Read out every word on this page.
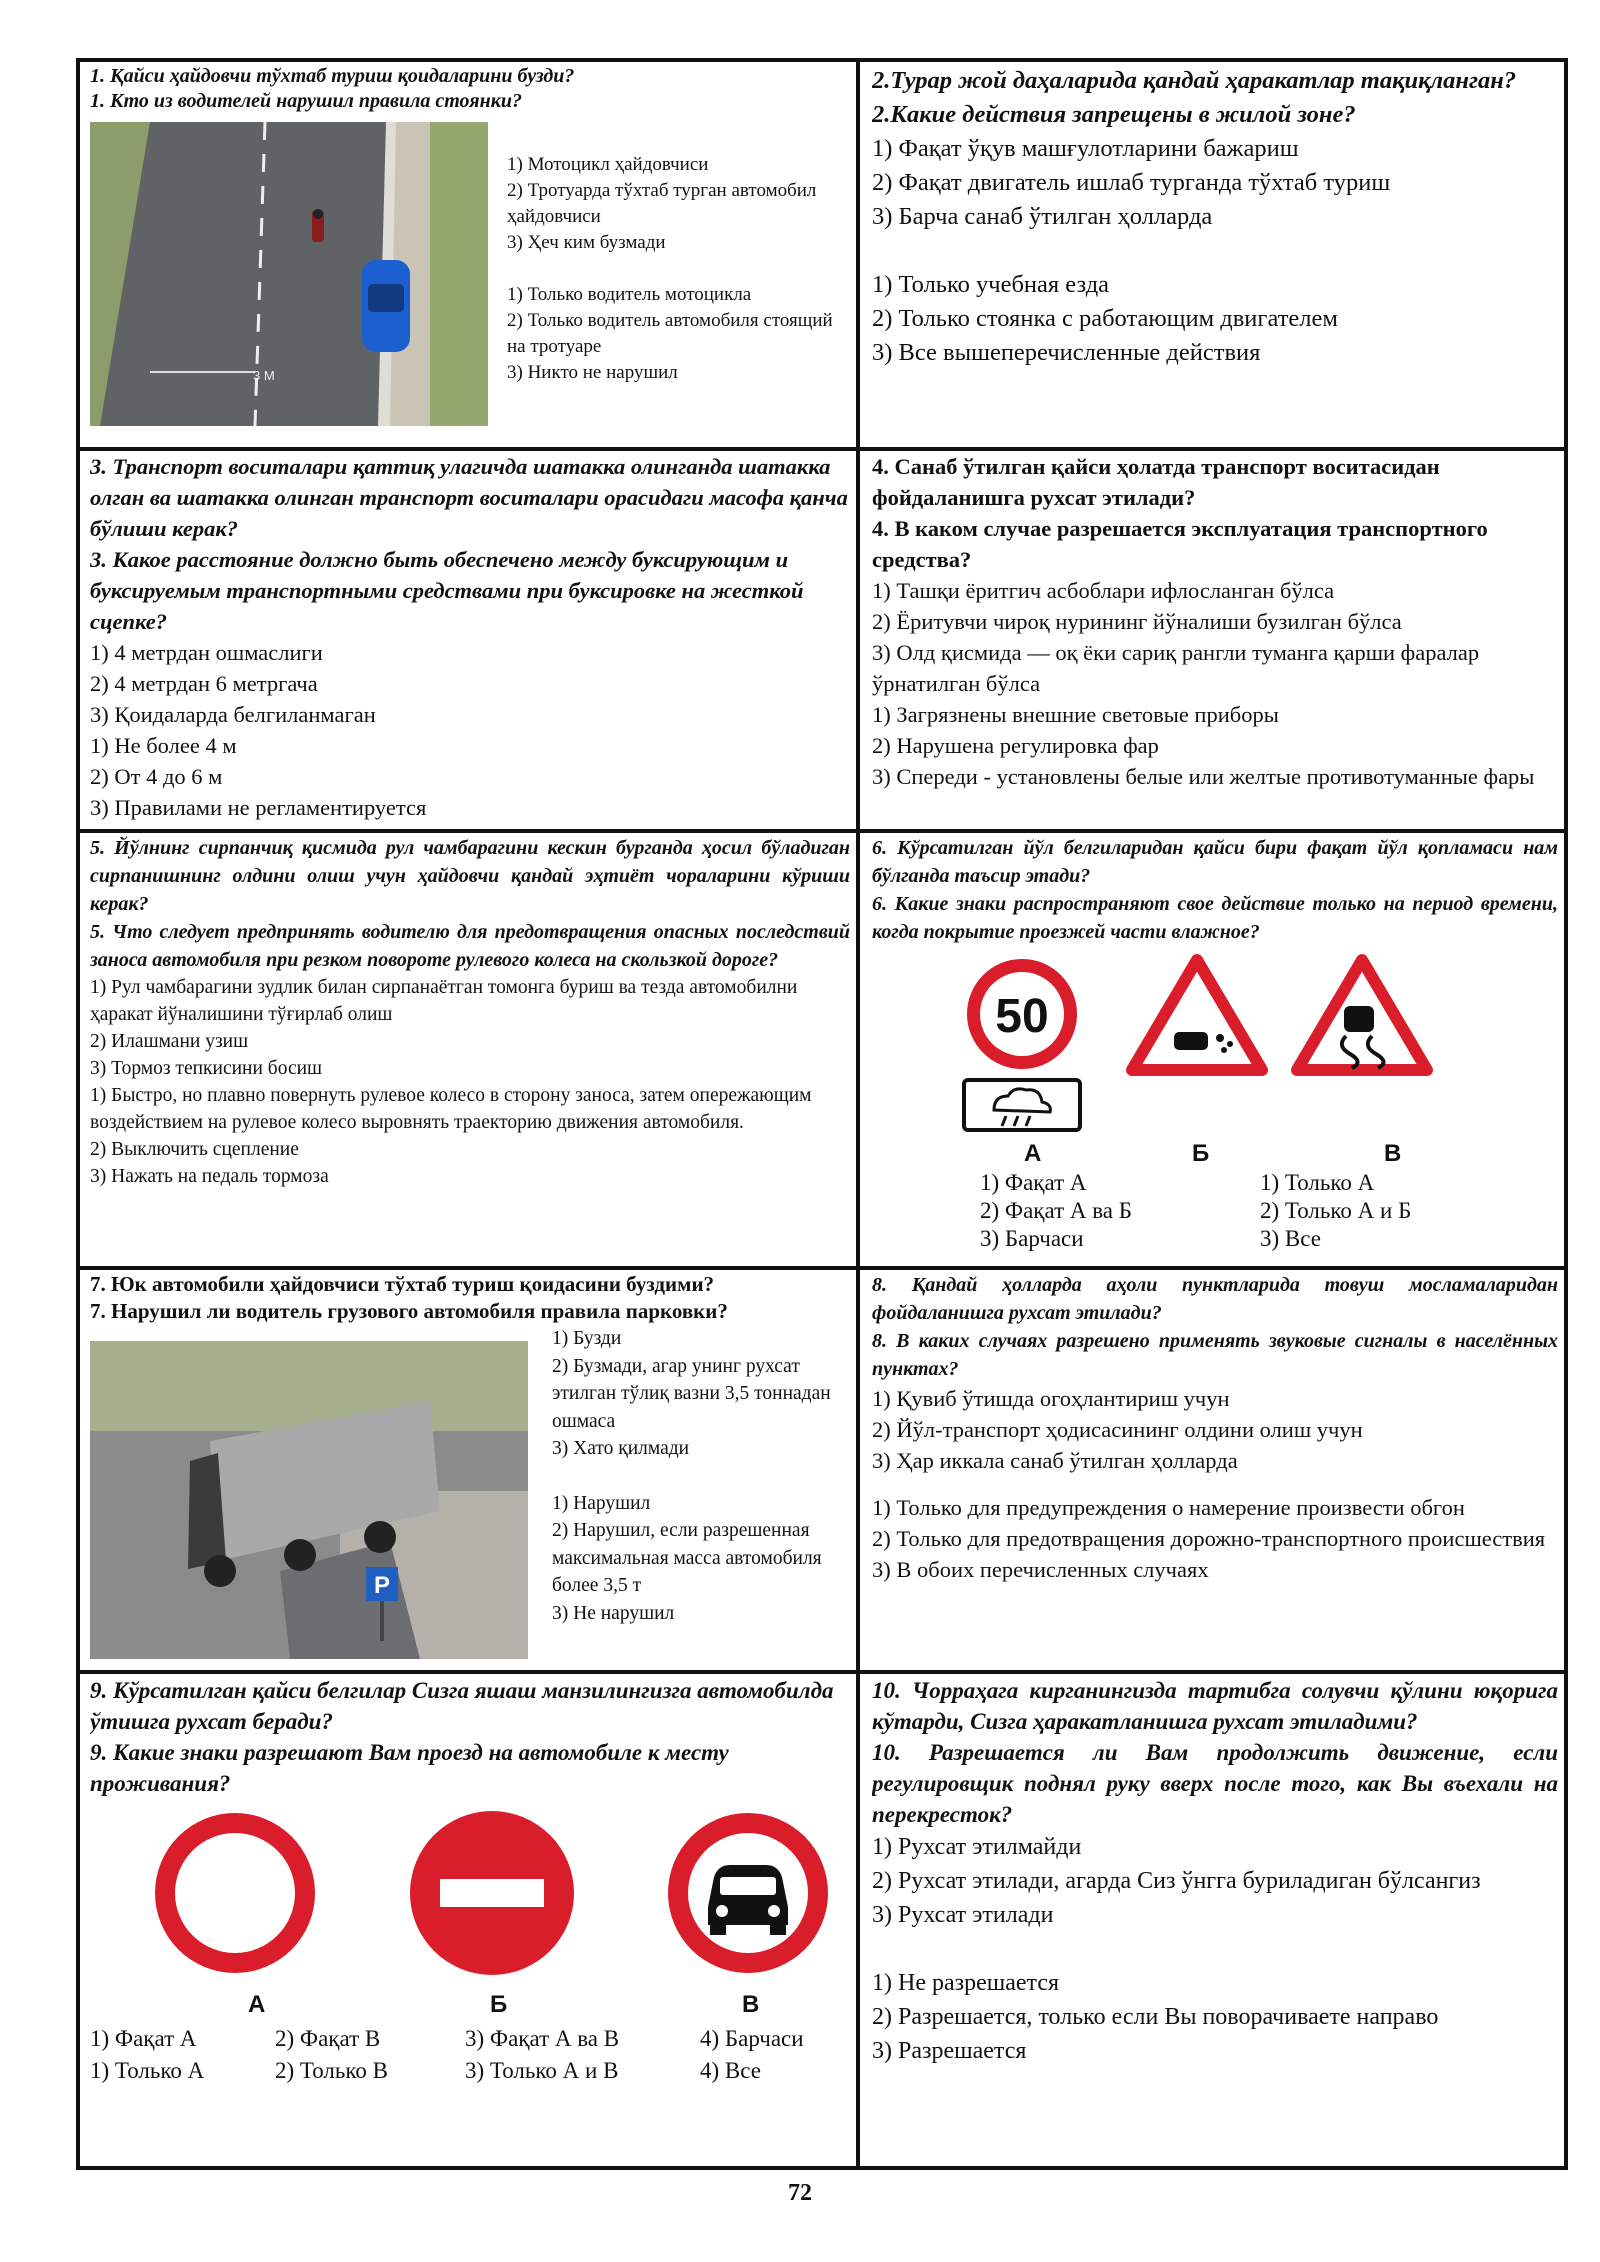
1. Қайси ҳайдовчи тўхтаб туриш қоидаларини бузди?

1. Кто из водителей нарушил правила стоянки?

3 М
1) Мотоцикл ҳайдовчиси
2) Тротуарда тўхтаб турган автомобил ҳайдовчиси
3) Ҳеч ким бузмади
1) Только водитель мотоцикла
2) Только водитель автомобиля стоящий на тротуаре
3) Никто не нарушил

2.Турар жой даҳаларида қандай ҳаракатлар тақиқланган?

2.Какие действия запрещены в жилой зоне?

1) Фақат ўқув машғулотларини бажариш
2) Фақат двигатель ишлаб турганда тўхтаб туриш
3) Барча санаб ўтилган ҳолларда
1) Только учебная езда
2) Только стоянка с работающим двигателем
3) Все вышеперечисленные действия

3. Транспорт воситалари қаттиқ улагичда шатакка олинганда шатакка олган ва шатакка олинган транспорт воситалари орасидаги масофа қанча бўлиши керак?

3. Какое расстояние должно быть обеспечено между буксирующим и буксируемым транспортными средствами при буксировке на жесткой сцепке?

1) 4 метрдан ошмаслиги
2) 4 метрдан 6 метргача
3) Қоидаларда белгиланмаган
1) Не более 4 м
2) От 4 до 6 м
3) Правилами не регламентируется

4. Санаб ўтилган қайси ҳолатда транспорт воситасидан фойдаланишга рухсат этилади?

4. В каком случае разрешается эксплуатация транспортного средства?

1) Ташқи ёритгич асбоблари ифлосланган бўлса
2) Ёритувчи чироқ нурининг йўналиши бузилган бўлса
3) Олд қисмида — оқ ёки сариқ рангли туманга қарши фаралар ўрнатилган бўлса
1) Загрязнены внешние световые приборы
2) Нарушена регулировка фар
3) Спереди - установлены белые или желтые противотуманные фары

5. Йўлнинг сирпанчиқ қисмида рул чамбарагини кескин бурганда ҳосил бўладиган сирпанишнинг олдини олиш учун ҳайдовчи қандай эҳтиёт чораларини кўриши керак?

5. Что следует предпринять водителю для предотвращения опасных последствий заноса автомобиля при резком повороте рулевого колеса на скользкой дороге?

1) Рул чамбарагини зудлик билан сирпанаётган томонга буриш ва тезда автомобилни ҳаракат йўналишини тўғирлаб олиш
2) Илашмани узиш
3) Тормоз тепкисини босиш
1) Быстро, но плавно повернуть рулевое колесо в сторону заноса, затем опережающим воздействием на рулевое колесо выровнять траекторию движения автомобиля.
2) Выключить сцепление
3) Нажать на педаль тормоза

6. Кўрсатилган йўл белгиларидан қайси бири фақат йўл қопламаси нам бўлганда таъсир этади?

6. Какие знаки распространяют свое действие только на период времени, когда покрытие проезжей части влажное?

50
А	Б	В
1) Фақат А	1) Только А
2) Фақат А ва Б	2) Только А и Б
3) Барчаси	3) Все

7. Юк автомобили ҳайдовчиси тўхтаб туриш қоидасини буздими?

7. Нарушил ли водитель грузового автомобиля правила парковки?

P
1) Бузди
2) Бузмади, агар унинг рухсат этилган тўлиқ вазни 3,5 тоннадан ошмаса
3) Хато қилмади
1) Нарушил
2) Нарушил, если разрешенная максимальная масса автомобиля более 3,5 т
3) Не нарушил

8. Қандай ҳолларда аҳоли пунктларида товуш мосламаларидан фойдаланишга рухсат этилади?

8. В каких случаях разрешено применять звуковые сигналы в населённых пунктах?

1) Қувиб ўтишда огоҳлантириш учун
2) Йўл-транспорт ҳодисасининг олдини олиш учун
3) Ҳар иккала санаб ўтилган ҳолларда
1) Только для предупреждения о намерение произвести обгон
2) Только для предотвращения дорожно-транспортного происшествия
3) В обоих перечисленных случаях

9. Кўрсатилган қайси белгилар Сизга яшаш манзилингизга автомобилда ўтишга рухсат беради?

9. Какие знаки разрешают Вам проезд на автомобиле к месту проживания?

А	Б	В
1) Фақат А	2) Фақат В	3) Фақат А ва В	4) Барчаси
1) Только А	2) Только В	3) Только А и В	4) Все

10. Чорраҳага кирганингизда тартибга солувчи қўлини юқорига кўтарди, Сизга ҳаракатланишга рухсат этиладими?

10. Разрешается ли Вам продолжить движение, если регулировщик поднял руку вверх после того, как Вы въехали на перекресток?

1) Рухсат этилмайди
2) Рухсат этилади, агарда Сиз ўнгга буриладиган бўлсангиз
3) Рухсат этилади
1) Не разрешается
2) Разрешается, только если Вы поворачиваете направо
3) Разрешается
72
